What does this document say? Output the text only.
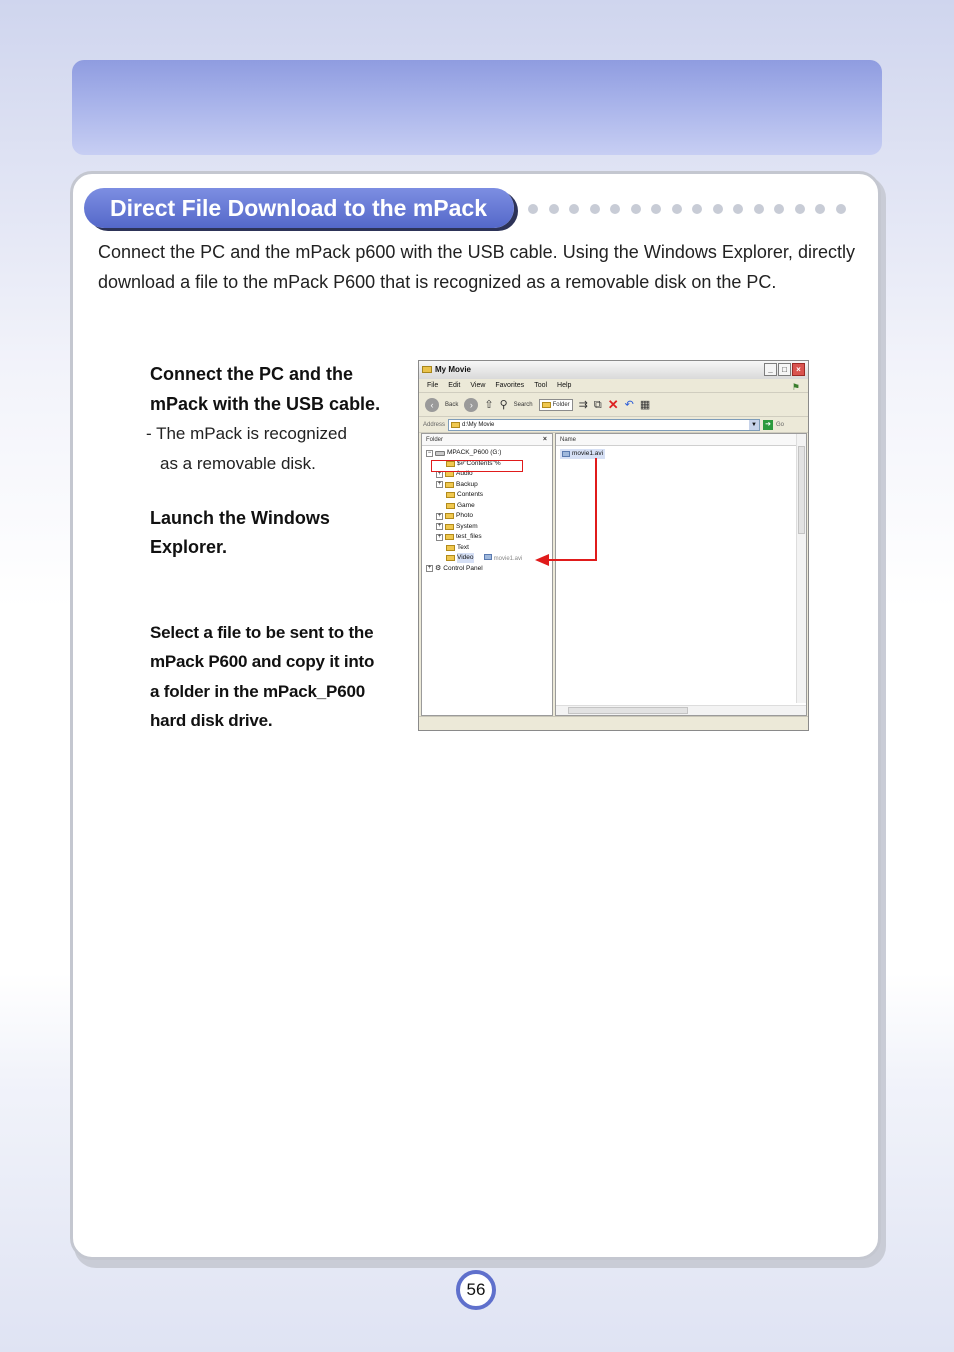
Direct File Download to the mPack

Connect the PC and the mPack p600 with the USB cable. Using the Windows Explorer, directly download a file to the mPack P600 that is recognized as a removable disk on the PC.

Connect the PC and the
mPack with the USB cable.
- The mPack is recognized
as a removable disk.
Launch the Windows
Explorer.
Select a file to be sent to the
mPack P600 and copy it into
a folder in the mPack_P600
hard disk drive.
My Movie	_	□	×
File Edit View Favorites Tool Help	⚑
‹	Back	›	⇧ ⚲ Search	Folder ⇉ ⧉ ✕ ↶ ▦
Address	d:\My Movie	▼ ➜ Go
Folder	×
− MPACK_P600 (G:)
$#"Contents"%
+ Audio
+ Backup
Contents
Game
+ Photo
+ System
+ test_files
Text
Video	movie1.avi
+ ⚙ Control Panel
Name
movie1.avi
56
